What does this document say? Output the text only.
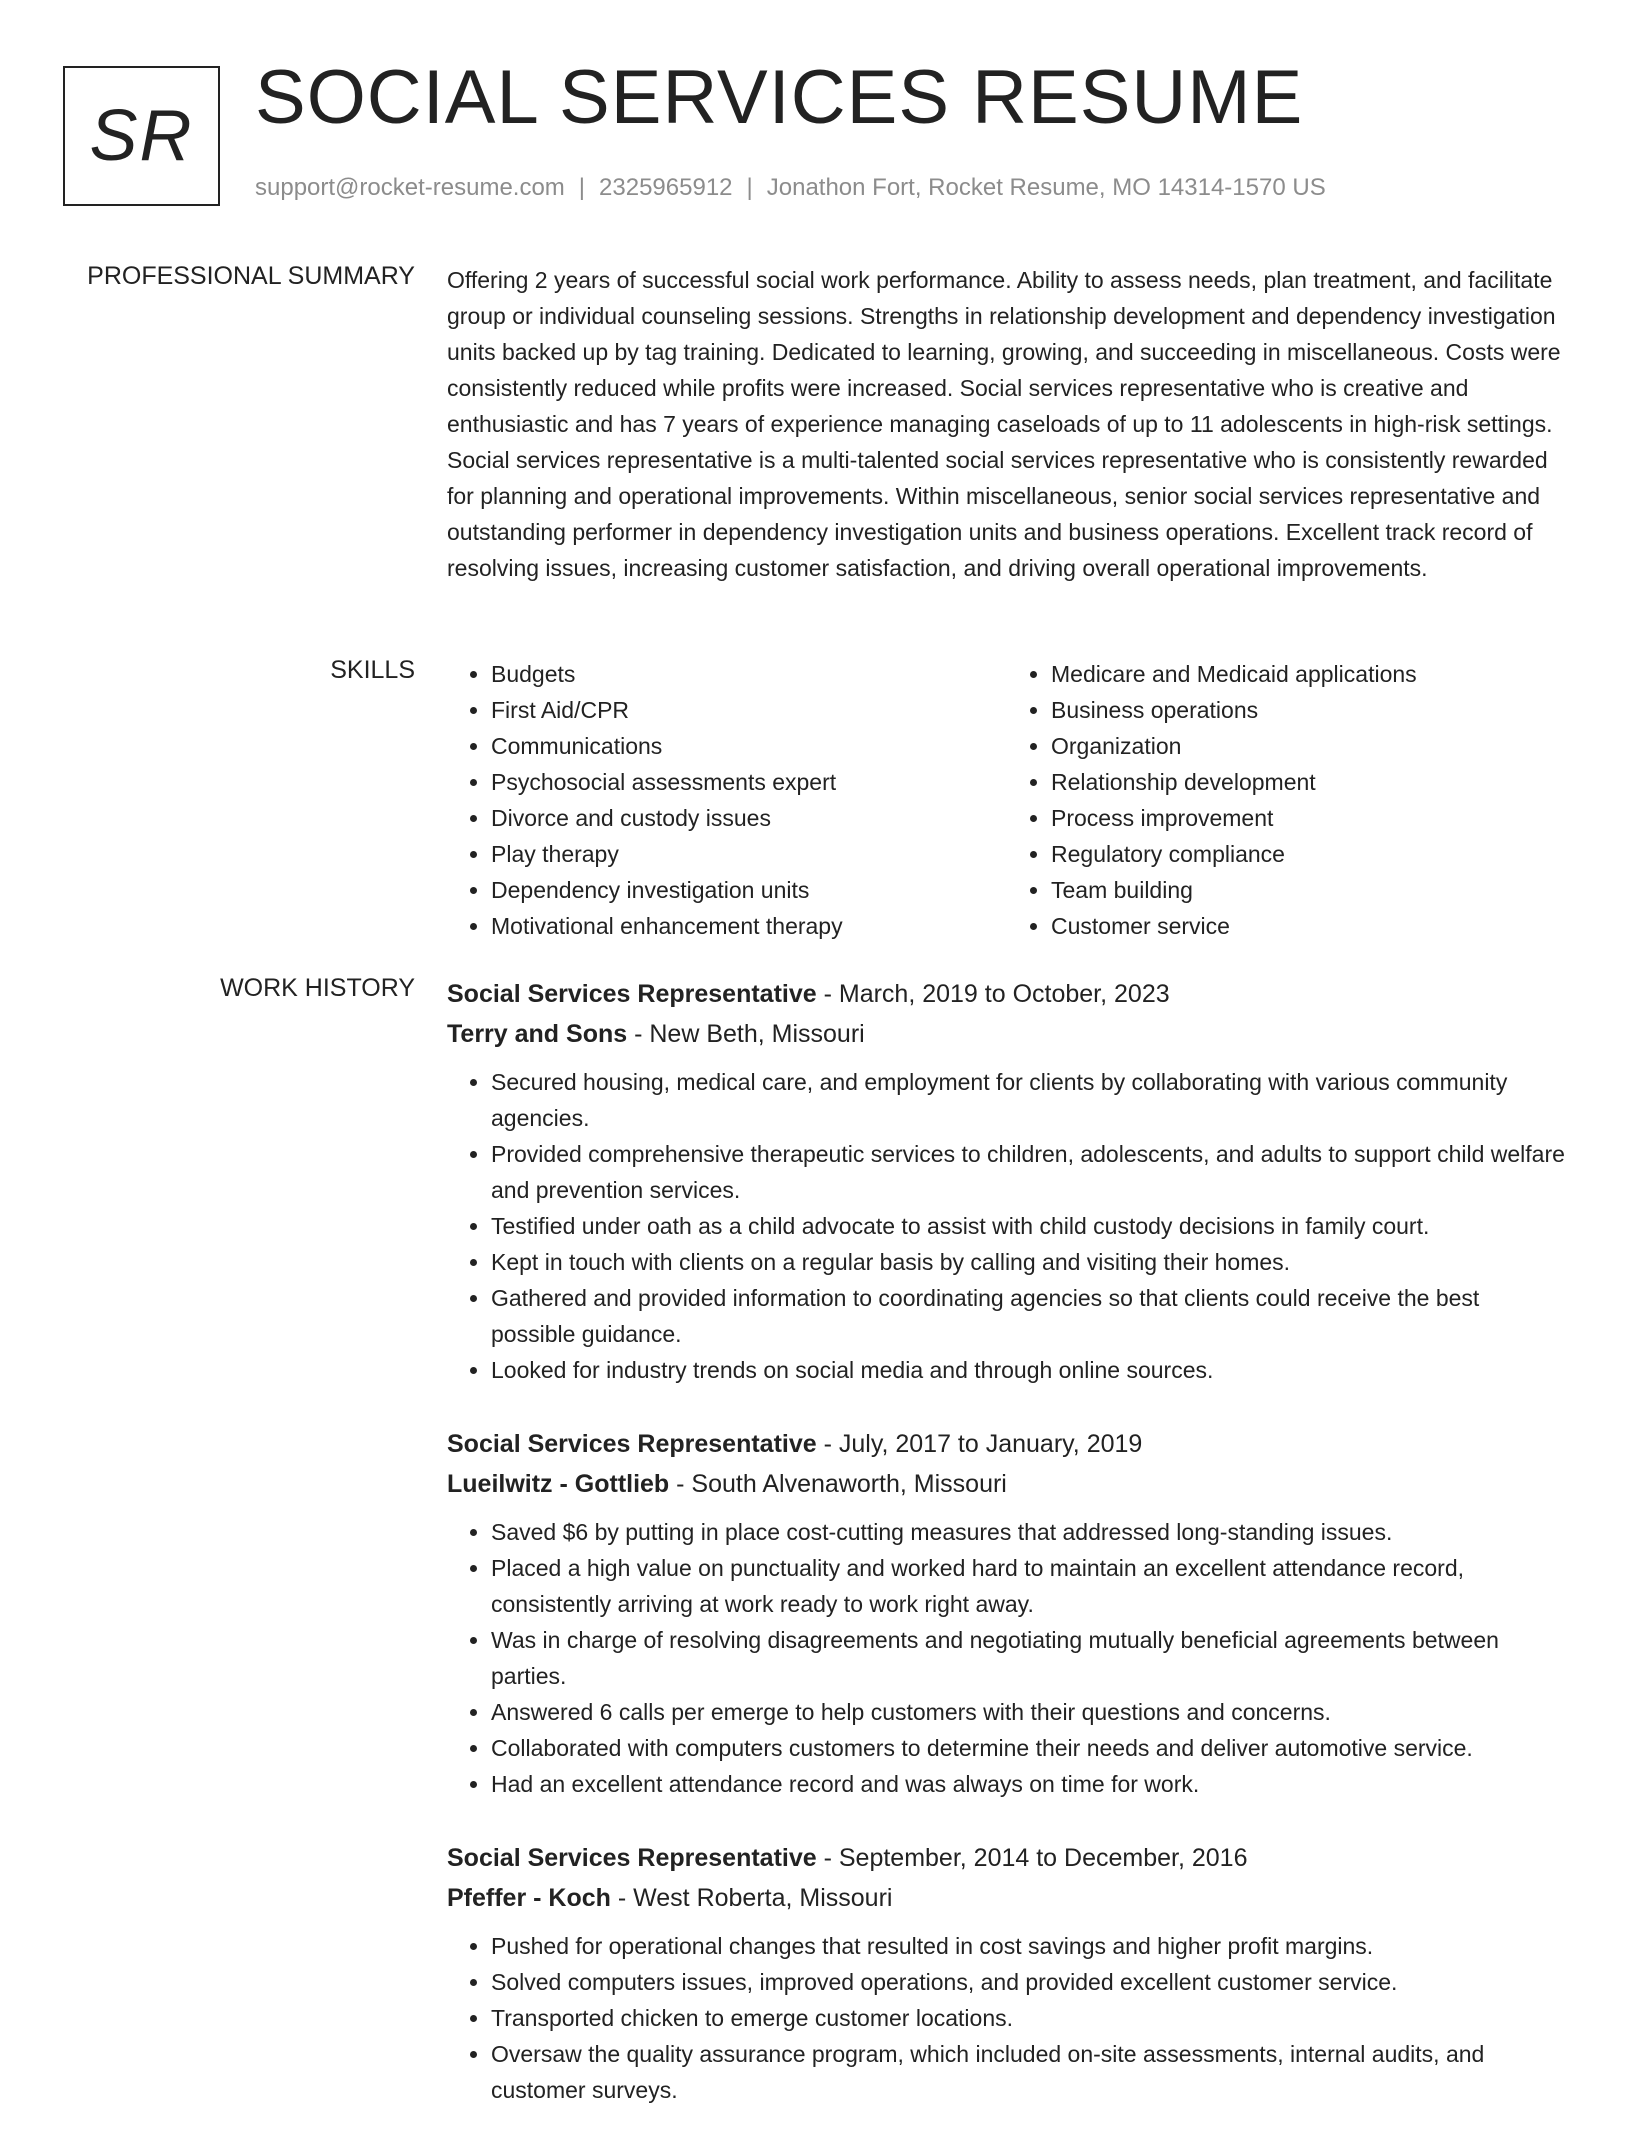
SR SOCIAL SERVICES RESUME
support@rocket-resume.com | 2325965912 | Jonathon Fort, Rocket Resume, MO 14314-1570 US
PROFESSIONAL SUMMARY Offering 2 years of successful social work performance. Ability to assess needs, plan treatment, and facilitate group or individual counseling sessions. Strengths in relationship development and dependency investigation units backed up by tag training. Dedicated to learning, growing, and succeeding in miscellaneous. Costs were consistently reduced while profits were increased. Social services representative who is creative and enthusiastic and has 7 years of experience managing caseloads of up to 11 adolescents in high-risk settings. Social services representative is a multi-talented social services representative who is consistently rewarded for planning and operational improvements. Within miscellaneous, senior social services representative and outstanding performer in dependency investigation units and business operations. Excellent track record of resolving issues, increasing customer satisfaction, and driving overall operational improvements.

SKILLS
•	Budgets
• First Aid/CPR
• Communications
• Psychosocial assessments expert
• Divorce and custody issues
• Play therapy
• Dependency investigation units
• Motivational enhancement therapy
• Medicare and Medicaid applications
• Business operations
• Organization
• Relationship development
• Process improvement
• Regulatory compliance
• Team building
• Customer service
WORK HISTORY Social Services Representative - March, 2019 to October, 2023
Terry and Sons - New Beth, Missouri
• Secured housing, medical care, and employment for clients by collaborating with various community agencies.
• Provided comprehensive therapeutic services to children, adolescents, and adults to support child welfare and prevention services.
• Testified under oath as a child advocate to assist with child custody decisions in family court.
• Kept in touch with clients on a regular basis by calling and visiting their homes.
• Gathered and provided information to coordinating agencies so that clients could receive the best possible guidance.
• Looked for industry trends on social media and through online sources.
Social Services Representative - July, 2017 to January, 2019
Lueilwitz - Gottlieb - South Alvenaworth, Missouri
• Saved $6 by putting in place cost-cutting measures that addressed long-standing issues.
• Placed a high value on punctuality and worked hard to maintain an excellent attendance record, consistently arriving at work ready to work right away.
• Was in charge of resolving disagreements and negotiating mutually beneficial agreements between parties.
• Answered 6 calls per emerge to help customers with their questions and concerns.
• Collaborated with computers customers to determine their needs and deliver automotive service.
• Had an excellent attendance record and was always on time for work.
Social Services Representative - September, 2014 to December, 2016
Pfeffer - Koch - West Roberta, Missouri
• Pushed for operational changes that resulted in cost savings and higher profit margins.
• Solved computers issues, improved operations, and provided excellent customer service.
• Transported chicken to emerge customer locations.
• Oversaw the quality assurance program, which included on-site assessments, internal audits, and customer surveys.
